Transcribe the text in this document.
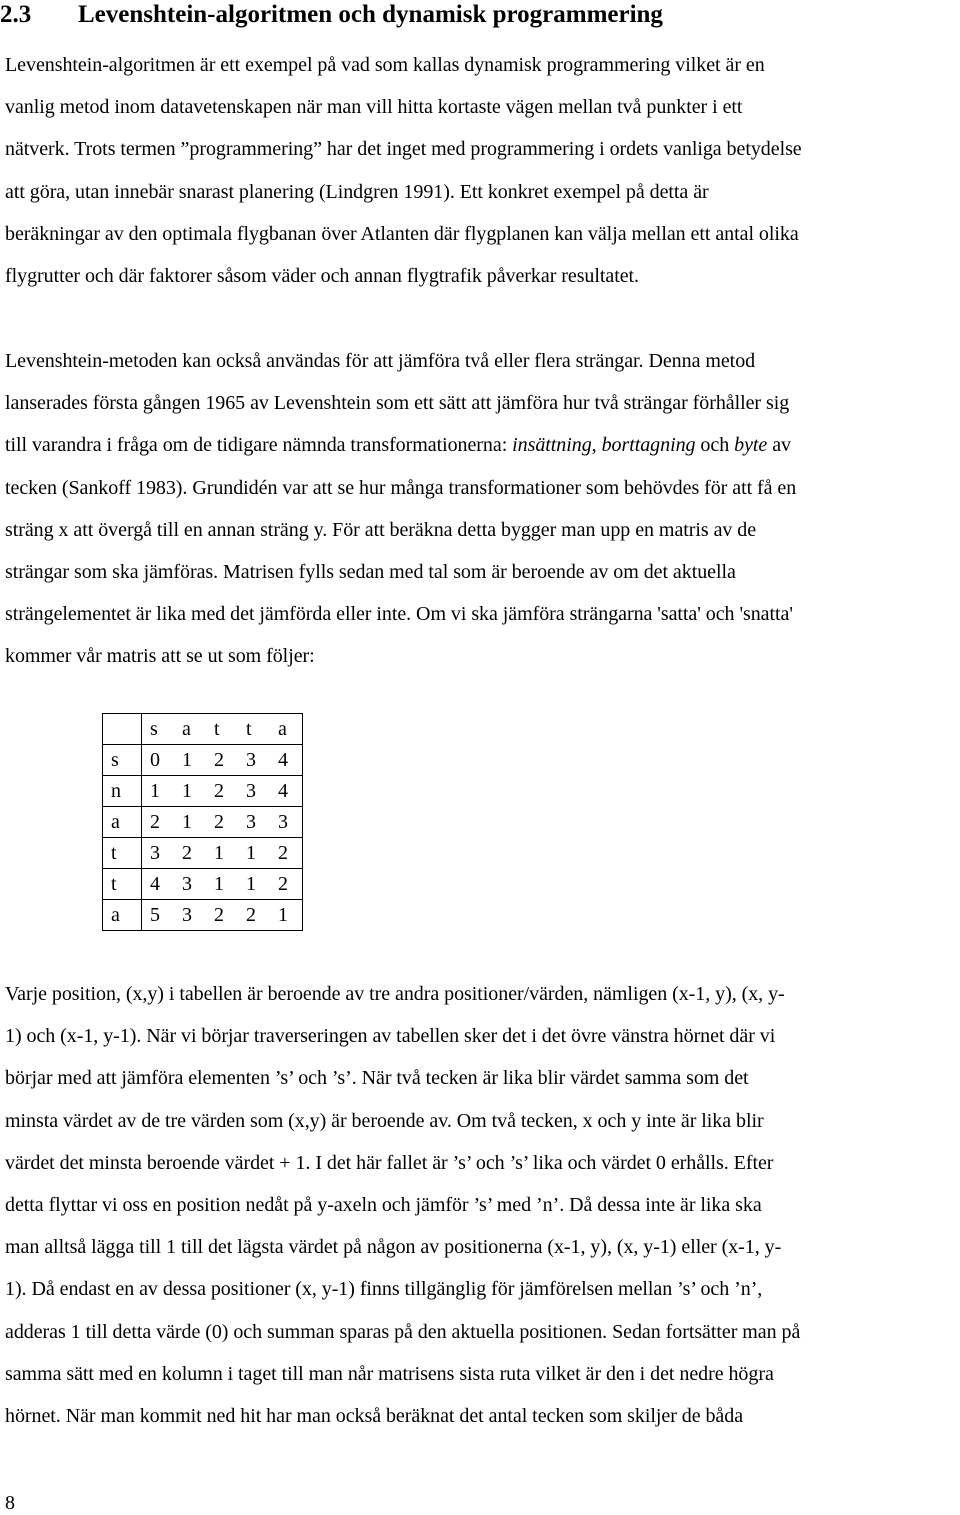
2.3 Levenshtein-algoritmen och dynamisk programmering
Levenshtein-algoritmen är ett exempel på vad som kallas dynamisk programmering vilket är en
vanlig metod inom datavetenskapen när man vill hitta kortaste vägen mellan två punkter i ett
nätverk. Trots termen ”programmering” har det inget med programmering i ordets vanliga betydelse
att göra, utan innebär snarast planering (Lindgren 1991). Ett konkret exempel på detta är
beräkningar av den optimala flygbanan över Atlanten där flygplanen kan välja mellan ett antal olika
flygrutter och där faktorer såsom väder och annan flygtrafik påverkar resultatet.
Levenshtein-metoden kan också användas för att jämföra två eller flera strängar. Denna metod
lanserades första gången 1965 av Levenshtein som ett sätt att jämföra hur två strängar förhåller sig
till varandra i fråga om de tidigare nämnda transformationerna: insättning, borttagning och byte av
tecken (Sankoff 1983). Grundidén var att se hur många transformationer som behövdes för att få en
sträng x att övergå till en annan sträng y. För att beräkna detta bygger man upp en matris av de
strängar som ska jämföras. Matrisen fylls sedan med tal som är beroende av om det aktuella
strängelementet är lika med det jämförda eller inte. Om vi ska jämföra strängarna 'satta' och 'snatta'
kommer vår matris att se ut som följer:
	s	a	t	t	a
s	0	1	2	3	4
n	1	1	2	3	4
a	2	1	2	3	3
t	3	2	1	1	2
t	4	3	1	1	2
a	5	3	2	2	1
Varje position, (x,y) i tabellen är beroende av tre andra positioner/värden, nämligen (x-1, y), (x, y-
1) och (x-1, y-1). När vi börjar traverseringen av tabellen sker det i det övre vänstra hörnet där vi
börjar med att jämföra elementen ’s’ och ’s’. När två tecken är lika blir värdet samma som det
minsta värdet av de tre värden som (x,y) är beroende av. Om två tecken, x och y inte är lika blir
värdet det minsta beroende värdet + 1. I det här fallet är ’s’ och ’s’ lika och värdet 0 erhålls. Efter
detta flyttar vi oss en position nedåt på y-axeln och jämför ’s’ med ’n’. Då dessa inte är lika ska
man alltså lägga till 1 till det lägsta värdet på någon av positionerna (x-1, y), (x, y-1) eller (x-1, y-
1). Då endast en av dessa positioner (x, y-1) finns tillgänglig för jämförelsen mellan ’s’ och ’n’,
adderas 1 till detta värde (0) och summan sparas på den aktuella positionen. Sedan fortsätter man på
samma sätt med en kolumn i taget till man når matrisens sista ruta vilket är den i det nedre högra
hörnet. När man kommit ned hit har man också beräknat det antal tecken som skiljer de båda
8
